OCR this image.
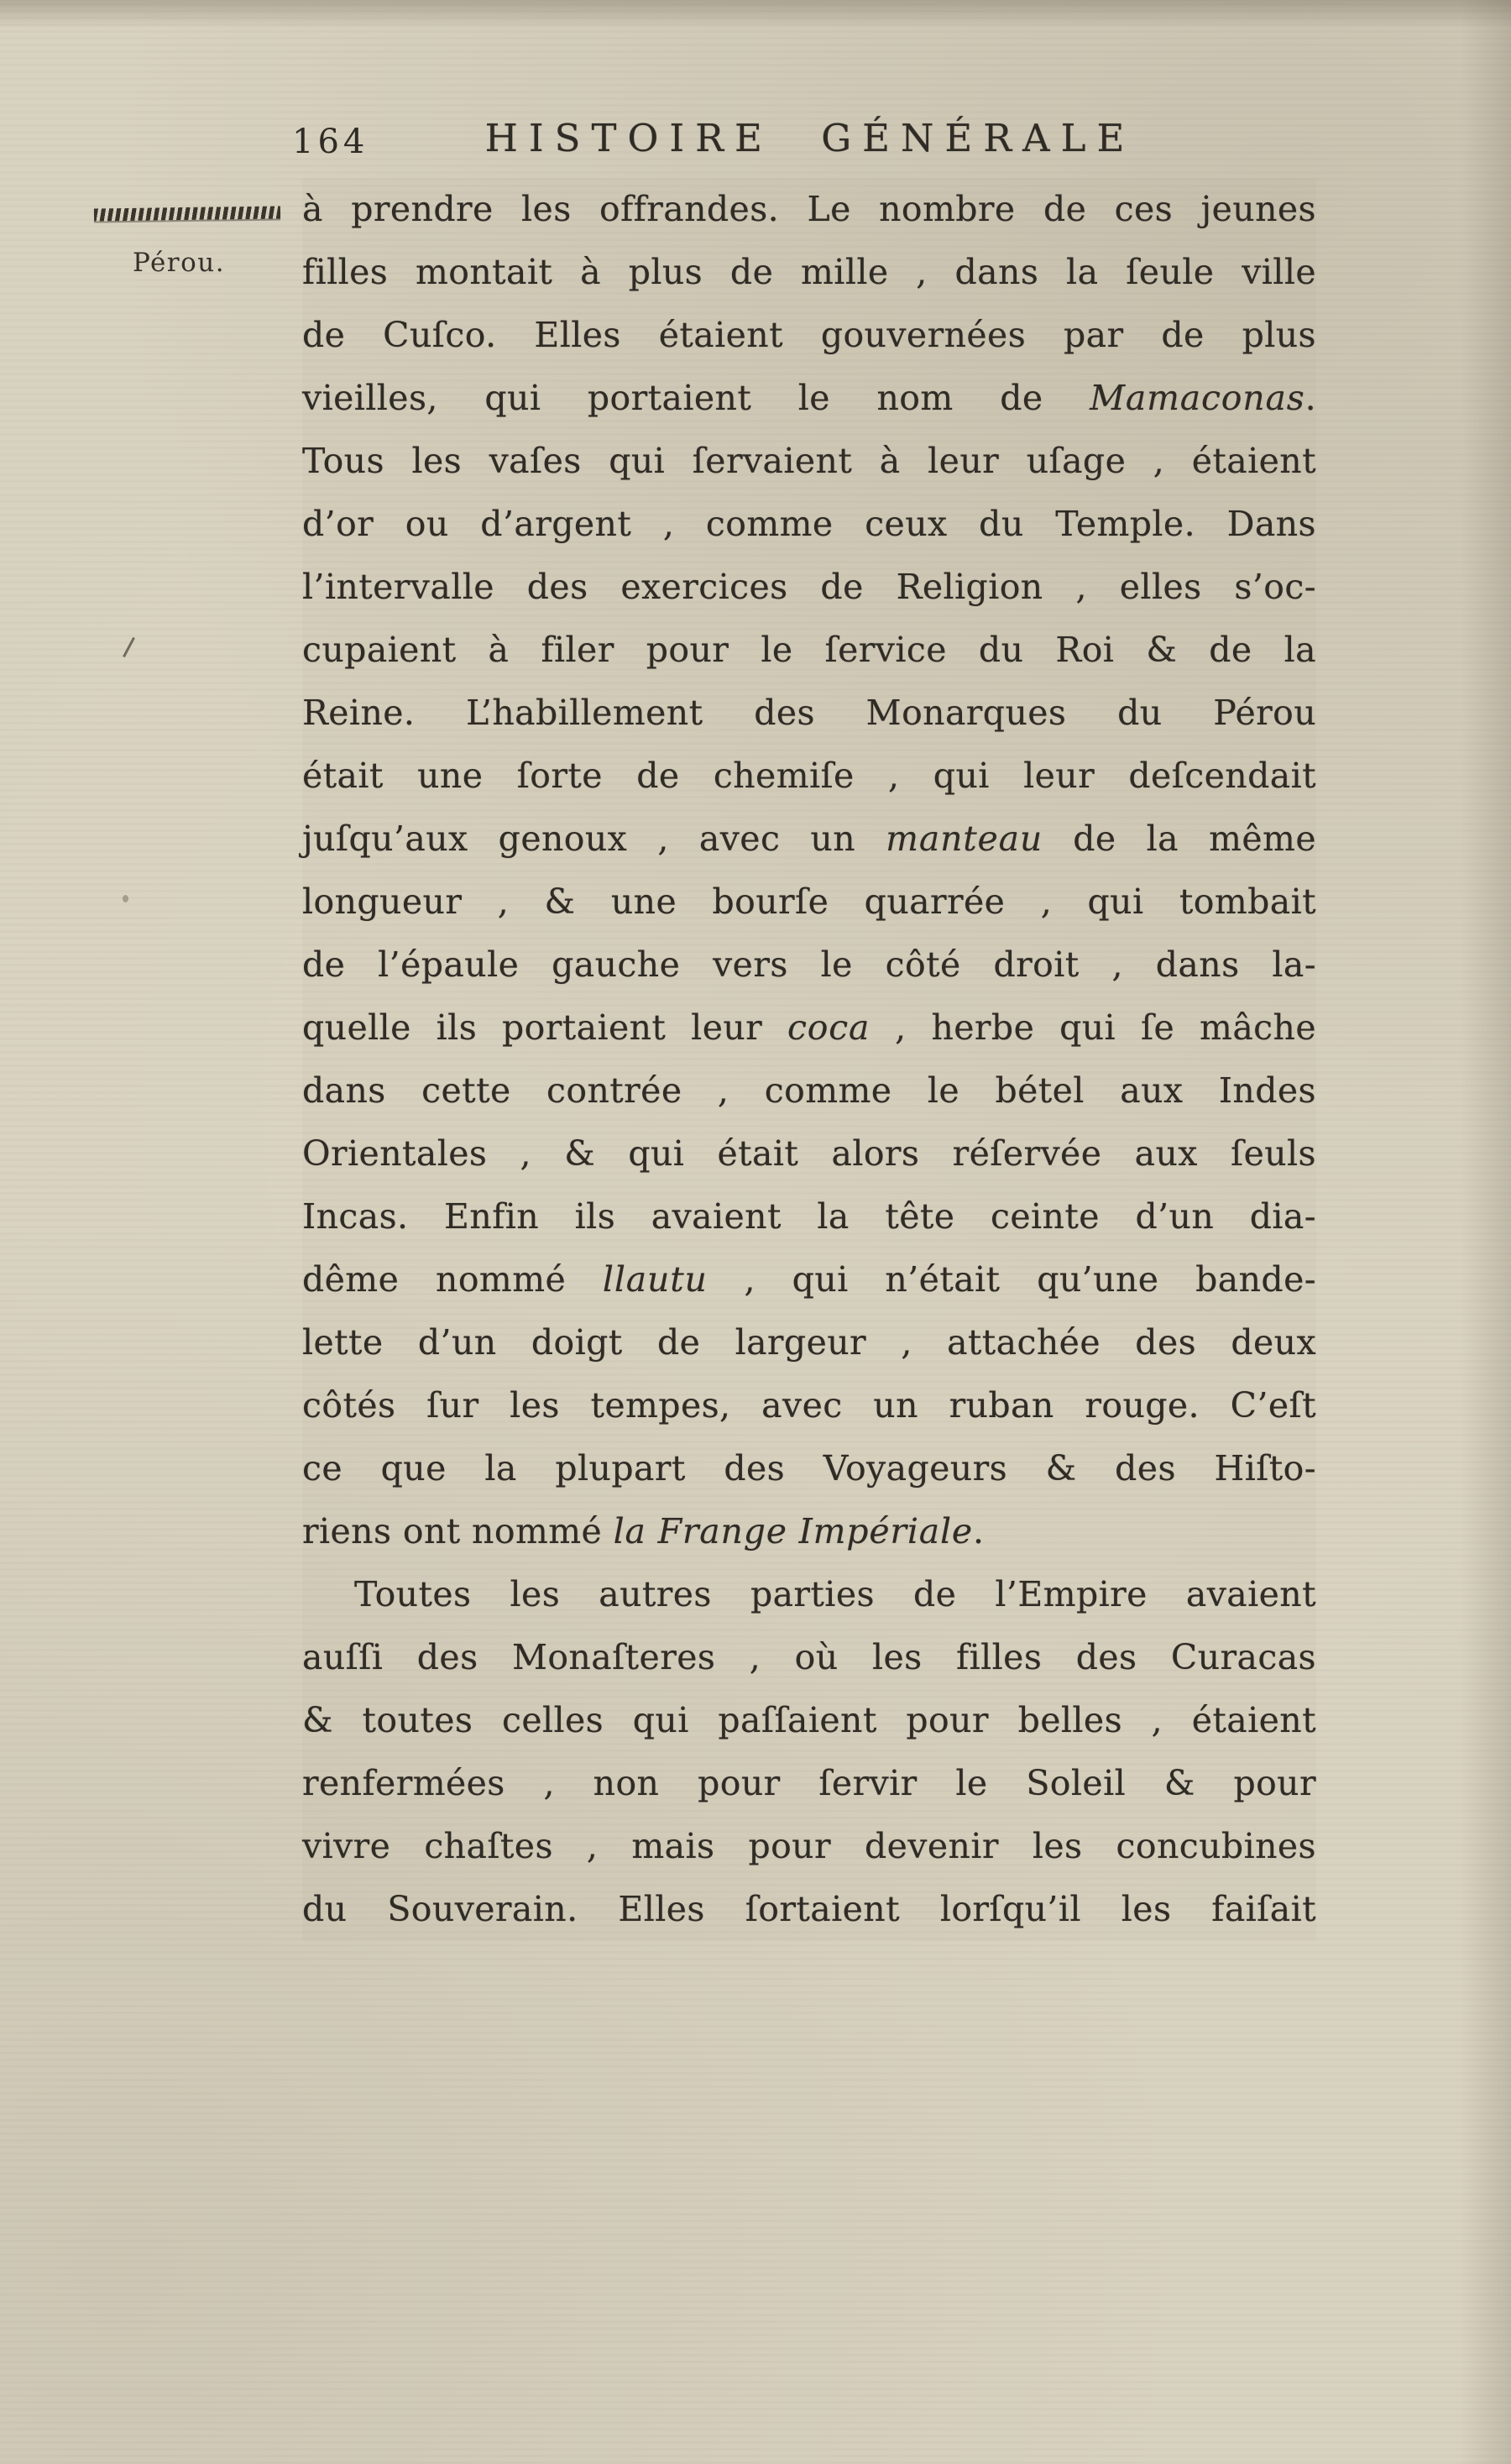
164	HISTOIRE GÉNÉRALE
Pérou.
à prendre les offrandes. Le nombre de ces jeunes
filles montait à plus de mille , dans la ſeule ville
de Cuſco. Elles étaient gouvernées par de plus
vieilles, qui portaient le nom de Mamaconas.
Tous les vaſes qui ſervaient à leur uſage , étaient
d’or ou d’argent , comme ceux du Temple. Dans
l’intervalle des exercices de Religion , elles s’oc-
cupaient à filer pour le ſervice du Roi & de la
Reine. L’habillement des Monarques du Pérou
était une ſorte de chemiſe , qui leur deſcendait
juſqu’aux genoux , avec un manteau de la même
longueur , & une bourſe quarrée , qui tombait
de l’épaule gauche vers le côté droit , dans la-
quelle ils portaient leur coca , herbe qui ſe mâche
dans cette contrée , comme le bétel aux Indes
Orientales , & qui était alors réſervée aux ſeuls
Incas. Enfin ils avaient la tête ceinte d’un dia-
dême nommé llautu , qui n’était qu’une bande-
lette d’un doigt de largeur , attachée des deux
côtés ſur les tempes, avec un ruban rouge. C’eſt
ce que la plupart des Voyageurs & des Hiſto-
riens ont nommé la Frange Impériale.
Toutes les autres parties de l’Empire avaient
auſſi des Monaſteres , où les filles des Curacas
& toutes celles qui paſſaient pour belles , étaient
renfermées , non pour ſervir le Soleil & pour
vivre chaſtes , mais pour devenir les concubines
du Souverain. Elles ſortaient lorſqu’il les faiſait
